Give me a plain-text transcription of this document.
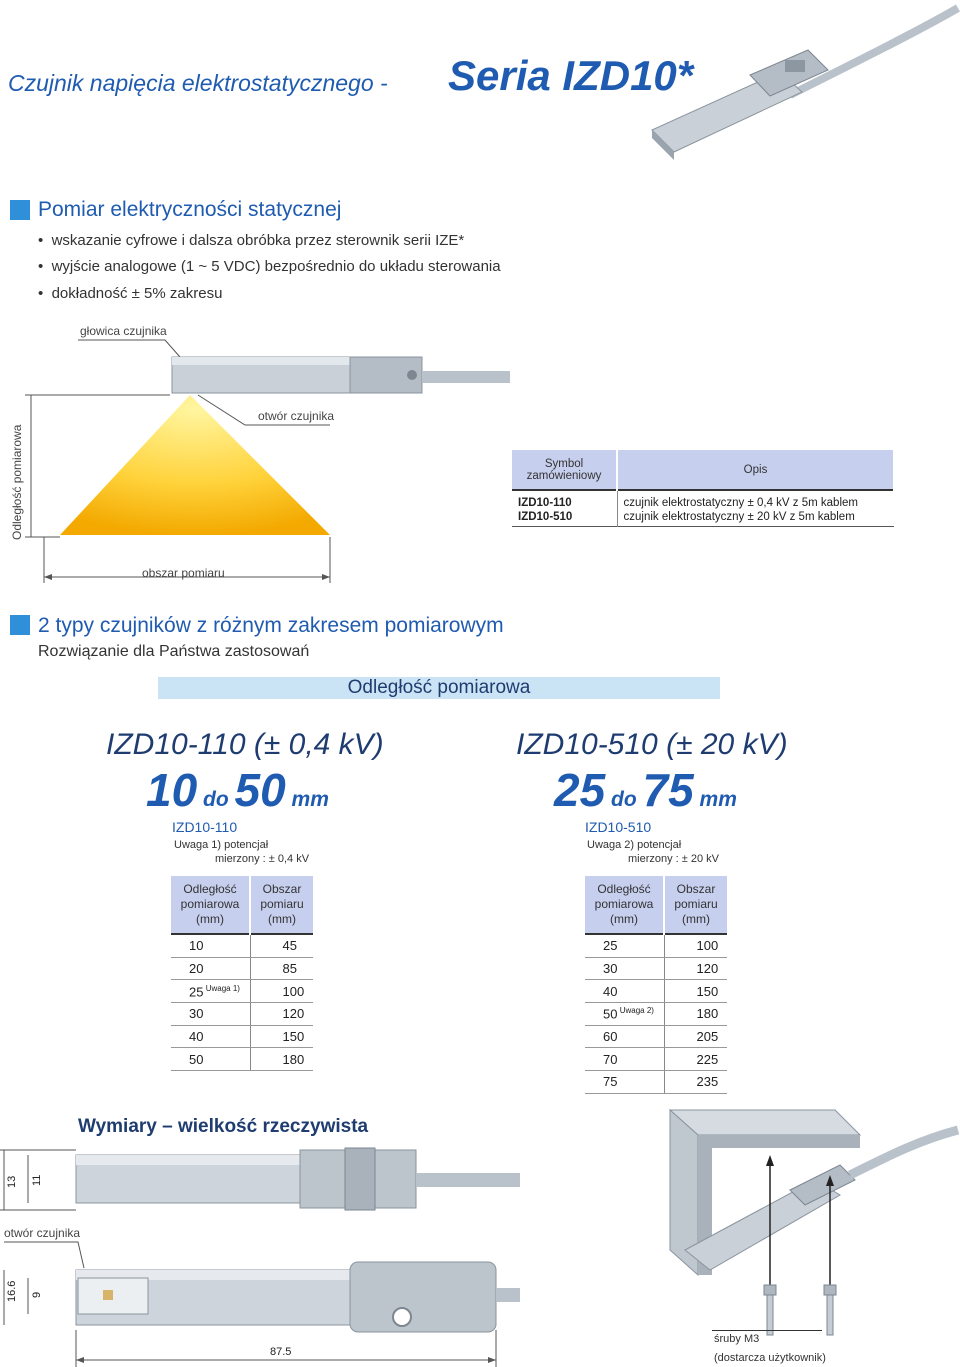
Czujnik napięcia elektrostatycznego - Seria IZD10*
Pomiar elektryczności statycznej
•  wskazanie cyfrowe i dalsza obróbka przez sterownik serii IZE*
•  wyjście analogowe (1 ~ 5 VDC) bezpośrednio do układu sterowania
•  dokładność ± 5% zakresu
głowica czujnika
otwór czujnika
Odległość pomiarowa
obszar pomiaru
Symbol zamówieniowy	Opis
IZD10-110	czujnik elektrostatyczny ± 0,4 kV z 5m kablem
IZD10-510	czujnik elektrostatyczny ± 20 kV z 5m kablem
2 typy czujników z różnym zakresem pomiarowym
Rozwiązanie dla Państwa zastosowań
Odległość pomiarowa
IZD10-110 (± 0,4 kV)
10 do 50 mm
IZD10-110
Uwaga 1) potencjał
mierzony : ± 0,4 kV
Odległość pomiarowa (mm)	Obszar pomiaru (mm)
10	45
20	85
25 $^{Uwaga 1)}$	100
30	120
40	150
50	180
IZD10-510 (± 20 kV)
25 do 75 mm
IZD10-510
Uwaga 2) potencjał
mierzony : ± 20 kV
Odległość pomiarowa (mm)	Obszar pomiaru (mm)
25	100
30	120
40	150
50 $^{Uwaga 2)}$	180
60	205
70	225
75	235
Wymiary – wielkość rzeczywista
13 11
otwór czujnika
16.6 9
87.5
śruby M3
(dostarcza użytkownik)
